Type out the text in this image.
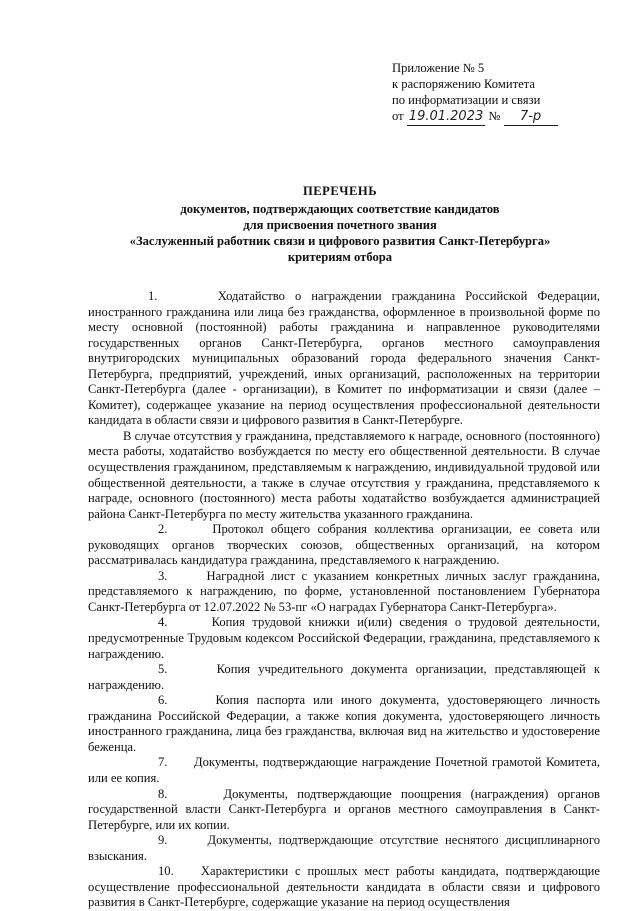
Приложение № 5
к распоряжению Комитета
по информатизации и связи
от 19.01.2023 № 7-р
ПЕРЕЧЕНЬ
документов, подтверждающих соответствие кандидатов
для присвоения почетного звания
«Заслуженный работник связи и цифрового развития Санкт-Петербурга»
критериям отбора

1.	Ходатайство о награждении гражданина Российской Федерации, иностранного гражданина или лица без гражданства, оформленное в произвольной форме по месту основной (постоянной) работы гражданина и направленное руководителями государственных органов Санкт-Петербурга, органов местного самоуправления внутригородских муниципальных образований города федерального значения Санкт-Петербурга, предприятий, учреждений, иных организаций, расположенных на территории Санкт-Петербурга (далее - организации), в Комитет по информатизации и связи (далее – Комитет), содержащее указание на период осуществления профессиональной деятельности кандидата в области связи и цифрового развития в Санкт-Петербурге.

В случае отсутствия у гражданина, представляемого к награде, основного (постоянного) места работы, ходатайство возбуждается по месту его общественной деятельности. В случае осуществления гражданином, представляемым к награждению, индивидуальной трудовой или общественной деятельности, а также в случае отсутствия у гражданина, представляемого к награде, основного (постоянного) места работы ходатайство возбуждается администрацией района Санкт-Петербурга по месту жительства указанного гражданина.

2.	Протокол общего собрания коллектива организации, ее совета или руководящих органов творческих союзов, общественных организаций, на котором рассматривалась кандидатура гражданина, представляемого к награждению.

3.	Наградной лист с указанием конкретных личных заслуг гражданина, представляемого к награждению, по форме, установленной постановлением Губернатора Санкт-Петербурга от 12.07.2022 № 53-пг «О наградах Губернатора Санкт-Петербурга».

4.	Копия трудовой книжки и(или) сведения о трудовой деятельности, предусмотренные Трудовым кодексом Российской Федерации, гражданина, представляемого к награждению.

5.	Копия учредительного документа организации, представляющей к награждению.

6.	Копия паспорта или иного документа, удостоверяющего личность гражданина Российской Федерации, а также копия документа, удостоверяющего личность иностранного гражданина, лица без гражданства, включая вид на жительство и удостоверение беженца.

7. Документы, подтверждающие награждение Почетной грамотой Комитета, или ее копия.

8.	Документы, подтверждающие поощрения (награждения) органов государственной власти Санкт-Петербурга и органов местного самоуправления в Санкт-Петербурге, или их копии.

9.	Документы, подтверждающие отсутствие неснятого дисциплинарного взыскания.

10. Характеристики с прошлых мест работы кандидата, подтверждающие осуществление профессиональной деятельности кандидата в области связи и цифрового развития в Санкт-Петербурге, содержащие указание на период осуществления
